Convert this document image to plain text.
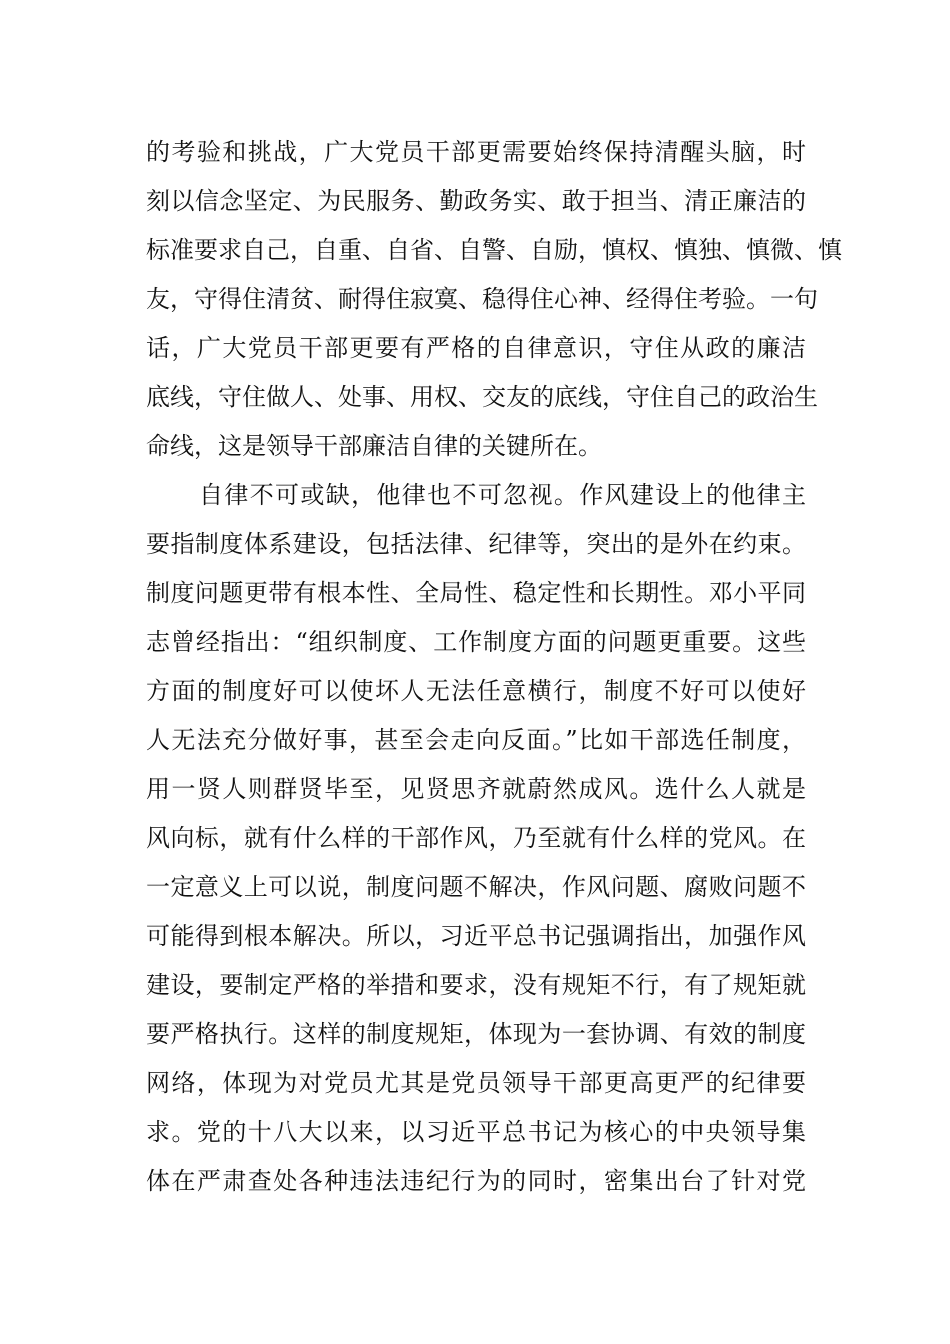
的考验和挑战，广大党员干部更需要始终保持清醒头脑，时
刻以信念坚定、为民服务、勤政务实、敢于担当、清正廉洁的
标准要求自己，自重、自省、自警、自励，慎权、慎独、慎微、慎
友，守得住清贫、耐得住寂寞、稳得住心神、经得住考验。一句
话，广大党员干部更要有严格的自律意识，守住从政的廉洁
底线，守住做人、处事、用权、交友的底线，守住自己的政治生
命线，这是领导干部廉洁自律的关键所在。
自律不可或缺，他律也不可忽视。作风建设上的他律主
要指制度体系建设，包括法律、纪律等，突出的是外在约束。
制度问题更带有根本性、全局性、稳定性和长期性。邓小平同
志曾经指出：“组织制度、工作制度方面的问题更重要。这些
方面的制度好可以使坏人无法任意横行，制度不好可以使好
人无法充分做好事，甚至会走向反面。”比如干部选任制度，
用一贤人则群贤毕至，见贤思齐就蔚然成风。选什么人就是
风向标，就有什么样的干部作风，乃至就有什么样的党风。在
一定意义上可以说，制度问题不解决，作风问题、腐败问题不
可能得到根本解决。所以，习近平总书记强调指出，加强作风
建设，要制定严格的举措和要求，没有规矩不行，有了规矩就
要严格执行。这样的制度规矩，体现为一套协调、有效的制度
网络，体现为对党员尤其是党员领导干部更高更严的纪律要
求。党的十八大以来，以习近平总书记为核心的中央领导集
体在严肃查处各种违法违纪行为的同时，密集出台了针对党
